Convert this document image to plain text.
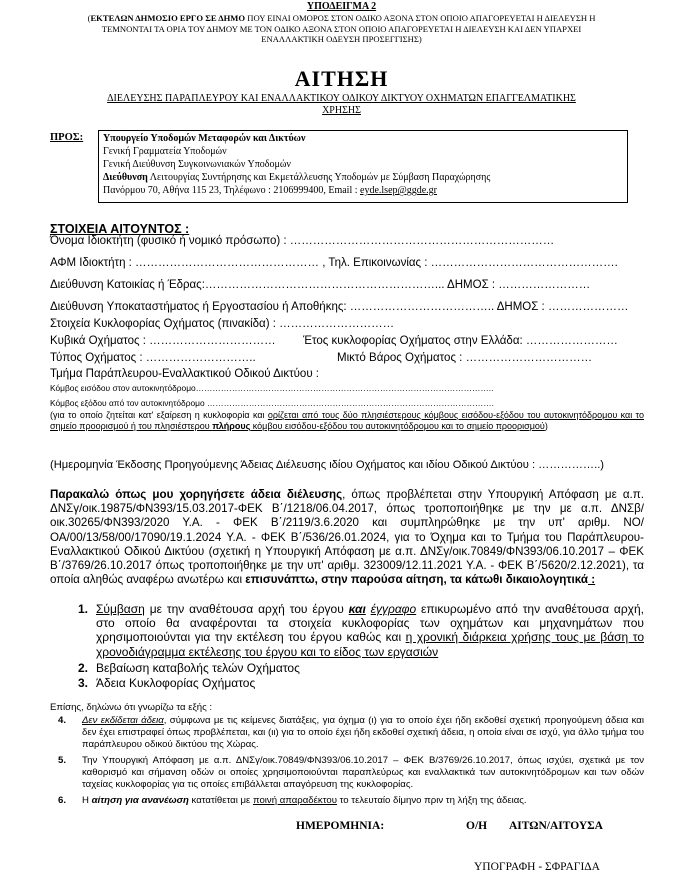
ΥΠΟΔΕΙΓΜΑ 2
(ΕΚΤΕΛΩΝ ΔΗΜΟΣΙΟ ΕΡΓΟ ΣΕ ΔΗΜΟ ΠΟΥ ΕΙΝΑΙ ΟΜΟΡΟΣ ΣΤΟΝ ΟΔΙΚΟ ΑΞΟΝΑ ΣΤΟΝ ΟΠΟΙΟ ΑΠΑΓΟΡΕΥΕΤΑΙ Η ΔΙΕΛΕΥΣΗ Η
ΤΕΜΝΟΝΤΑΙ ΤΑ ΟΡΙΑ ΤΟΥ ΔΗΜΟΥ ΜΕ ΤΟΝ ΟΔΙΚΟ ΑΞΟΝΑ ΣΤΟΝ ΟΠΟΙΟ ΑΠΑΓΟΡΕΥΕΤΑΙ Η ΔΙΕΛΕΥΣΗ ΚΑΙ ΔΕΝ ΥΠΑΡΧΕΙ
ΕΝΑΛΛΑΚΤΙΚΗ ΟΔΕΥΣΗ ΠΡΟΣΕΓΓΙΣΗΣ)
ΑΙΤΗΣΗ
ΔΙΕΛΕΥΣΗΣ ΠΑΡΑΠΛΕΥΡΟΥ ΚΑΙ ΕΝΑΛΛΑΚΤΙΚΟΥ ΟΔΙΚΟΥ ΔΙΚΤΥΟΥ ΟΧΗΜΑΤΩΝ ΕΠΑΓΓΕΛΜΑΤΙΚΗΣ
ΧΡΗΣΗΣ
ΠΡΟΣ: Υπουργείο Υποδομών Μεταφορών και Δικτύων
Γενική Γραμματεία Υποδομών
Γενική Διεύθυνση Συγκοινωνιακών Υποδομών
Διεύθυνση Λειτουργίας Συντήρησης και Εκμετάλλευσης Υποδομών με Σύμβαση Παραχώρησης
Πανόρμου 70, Αθήνα 115 23, Τηλέφωνο : 2106999400, Email : eyde.lsep@ggde.gr
ΣΤΟΙΧΕΙΑ ΑΙΤΟΥΝΤΟΣ :
Όνομα Ιδιοκτήτη (φυσικό ή νομικό πρόσωπο) : ……………………………………………………………
ΑΦΜ Ιδιοκτήτη : ………………………………………… , Τηλ. Επικοινωνίας : ………………………………………….
Διεύθυνση Κατοικίας ή Έδρας:……………………………………………………... ΔΗΜΟΣ : ……………………
Διεύθυνση Υποκαταστήματος ή Εργοστασίου ή Αποθήκης: ……………………………….. ΔΗΜΟΣ : …………………
Στοιχεία Κυκλοφορίας Οχήματος (πινακίδα) : …………………………
Κυβικά Οχήματος : …………………………… Έτος κυκλοφορίας Οχήματος στην Ελλάδα: ……………………
Τύπος Οχήματος : ………………………..	Μικτό Βάρος Οχήματος : ……………………………
Τμήμα Παράπλευρου-Εναλλακτικού Οδικού Δικτύου :
Κόμβος εισόδου στον αυτοκινητόδρομο……………………………………………………………………………………………..
Κόμβος εξόδου από τον αυτοκινητόδρομο ………………………………………………………………………………………….
(για το οποίο ζητείται κατ' εξαίρεση η κυκλοφορία και ορίζεται από τους δύο πλησιέστερους κόμβους εισόδου-εξόδου του αυτοκινητόδρομου και το σημείο προορισμού ή του πλησιέστερου πλήρους κόμβου εισόδου-εξόδου του αυτοκινητόδρομου και το σημείο προορισμού)
(Ημερομηνία Έκδοσης Προηγούμενης Άδειας Διέλευσης ιδίου Οχήματος και ιδίου Οδικού Δικτύου : ……………..)
Παρακαλώ όπως μου χορηγήσετε άδεια διέλευσης, όπως προβλέπεται στην Υπουργική Απόφαση με α.π. ΔΝΣγ/οικ.19875/ΦΝ393/15.03.2017-ΦΕΚ Β΄/1218/06.04.2017, όπως τροποποιήθηκε με την με α.π. ΔΝΣβ/οικ.30265/ΦΝ393/2020 Υ.Α. - ΦΕΚ Β΄/2119/3.6.2020 και συμπληρώθηκε με την υπ' αριθμ. ΝΟ/ΟΑ/00/13/58/00/17090/19.1.2024 Υ.Α. - ΦΕΚ Β΄/536/26.01.2024, για το Όχημα και το Τμήμα του Παράπλευρου-Εναλλακτικού Οδικού Δικτύου (σχετική η Υπουργική Απόφαση με α.π. ΔΝΣγ/οικ.70849/ΦΝ393/06.10.2017 – ΦΕΚ Β΄/3769/26.10.2017 όπως τροποποιήθηκε με την υπ' αριθμ. 323009/12.11.2021 Υ.Α. - ΦΕΚ Β΄/5620/2.12.2021), τα οποία αληθώς αναφέρω ανωτέρω και επισυνάπτω, στην παρούσα αίτηση, τα κάτωθι δικαιολογητικά :
1. Σύμβαση με την αναθέτουσα αρχή του έργου και έγγραφο επικυρωμένο από την αναθέτουσα αρχή, στο οποίο θα αναφέρονται τα στοιχεία κυκλοφορίας των οχημάτων και μηχανημάτων που χρησιμοποιούνται για την εκτέλεση του έργου καθώς και η χρονική διάρκεια χρήσης τους με βάση το χρονοδιάγραμμα εκτέλεσης του έργου και το είδος των εργασιών
2. Βεβαίωση καταβολής τελών Οχήματος
3. Άδεια Κυκλοφορίας Οχήματος
Επίσης, δηλώνω ότι γνωρίζω τα εξής :
4.	Δεν εκδίδεται άδεια, σύμφωνα με τις κείμενες διατάξεις, για όχημα (ι) για το οποίο έχει ήδη εκδοθεί σχετική προηγούμενη άδεια και δεν έχει επιστραφεί όπως προβλέπεται, και (ιι) για το οποίο έχει ήδη εκδοθεί σχετική άδεια, η οποία είναι σε ισχύ, για άλλο τμήμα του παράπλευρου οδικού δικτύου της Χώρας.
5.	Την Υπουργική Απόφαση με α.π. ΔΝΣγ/οικ.70849/ΦΝ393/06.10.2017 – ΦΕΚ Β/3769/26.10.2017, όπως ισχύει, σχετικά με τον καθορισμό και σήμανση οδών οι οποίες χρησιμοποιούνται παραπλεύρως και εναλλακτικά των αυτοκινητόδρομων και των οδών ταχείας κυκλοφορίας για τις οποίες επιβάλλεται απαγόρευση της κυκλοφορίας.
6.	Η αίτηση για ανανέωση κατατίθεται με ποινή απαραδέκτου το τελευταίο δίμηνο πριν τη λήξη της άδειας.
ΗΜΕΡΟΜΗΝΙΑ:	Ο/Η ΑΙΤΩΝ/ΑΙΤΟΥΣΑ
ΥΠΟΓΡΑΦΗ - ΣΦΡΑΓΙΔΑ
